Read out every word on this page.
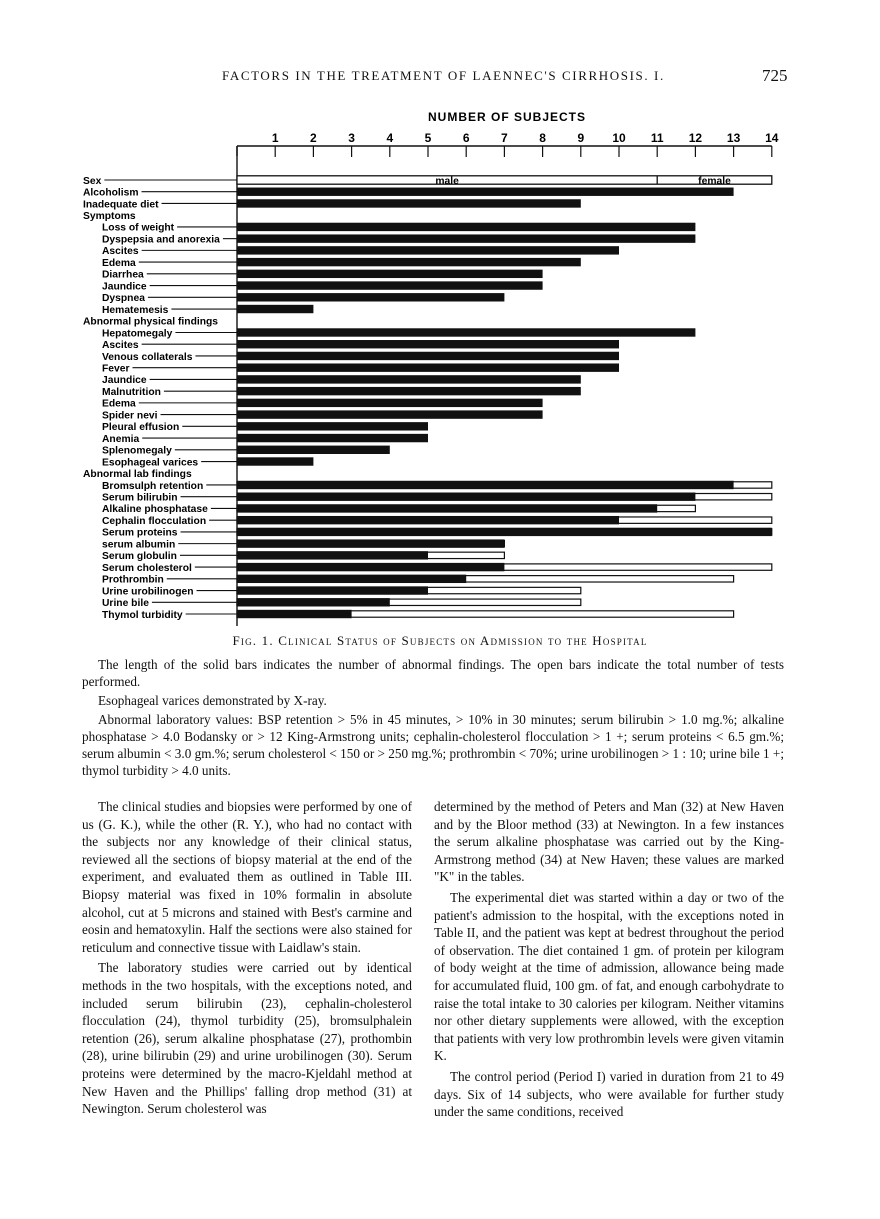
FACTORS IN THE TREATMENT OF LAENNEC'S CIRRHOSIS. I.	725
NUMBER OF SUBJECTS
1	2	3	4	5	6	7	8	9 10 11 12 13 14
Sex	male	female
Alcoholism
Inadequate diet
Symptoms
Loss of weight
Dyspepsia and anorexia
Ascites
Edema
Diarrhea
Jaundice
Dyspnea
Hematemesis
Abnormal physical findings
Hepatomegaly
Ascites
Venous collaterals
Fever
Jaundice
Malnutrition
Edema
Spider nevi
Pleural effusion
Anemia
Splenomegaly
Esophageal varices
Abnormal lab findings
Bromsulph retention
Serum bilirubin
Alkaline phosphatase
Cephalin flocculation
Serum proteins
serum albumin
Serum globulin
Serum cholesterol
Prothrombin
Urine urobilinogen
Urine bile
Thymol turbidity
Fig. 1. Clinical Status of Subjects on Admission to the Hospital

The length of the solid bars indicates the number of abnormal findings. The open bars indicate the total number of tests performed.

Esophageal varices demonstrated by X-ray.

Abnormal laboratory values: BSP retention > 5% in 45 minutes, > 10% in 30 minutes; serum bilirubin > 1.0 mg.%; alkaline phosphatase > 4.0 Bodansky or > 12 King-Armstrong units; cephalin-cholesterol flocculation > 1 +; serum proteins < 6.5 gm.%; serum albumin < 3.0 gm.%; serum cholesterol < 150 or > 250 mg.%; prothrombin < 70%; urine urobilinogen > 1 : 10; urine bile 1 +; thymol turbidity > 4.0 units.

The clinical studies and biopsies were performed by one of us (G. K.), while the other (R. Y.), who had no contact with the subjects nor any knowledge of their clinical status, reviewed all the sections of biopsy material at the end of the experiment, and evaluated them as outlined in Table III. Biopsy material was fixed in 10% formalin in absolute alcohol, cut at 5 microns and stained with Best's carmine and eosin and hematoxylin. Half the sections were also stained for reticulum and connective tissue with Laidlaw's stain.

The laboratory studies were carried out by identical methods in the two hospitals, with the exceptions noted, and included serum bilirubin (23), cephalin-cholesterol flocculation (24), thymol turbidity (25), bromsulphalein retention (26), serum alkaline phosphatase (27), prothombin (28), urine bilirubin (29) and urine urobilinogen (30). Serum proteins were determined by the macro-Kjeldahl method at New Haven and the Phillips' falling drop method (31) at Newington. Serum cholesterol was

determined by the method of Peters and Man (32) at New Haven and by the Bloor method (33) at Newington. In a few instances the serum alkaline phosphatase was carried out by the King-Armstrong method (34) at New Haven; these values are marked "K" in the tables.

The experimental diet was started within a day or two of the patient's admission to the hospital, with the exceptions noted in Table II, and the patient was kept at bedrest throughout the period of observation. The diet contained 1 gm. of protein per kilogram of body weight at the time of admission, allowance being made for accumulated fluid, 100 gm. of fat, and enough carbohydrate to raise the total intake to 30 calories per kilogram. Neither vitamins nor other dietary supplements were allowed, with the exception that patients with very low prothrombin levels were given vitamin K.

The control period (Period I) varied in duration from 21 to 49 days. Six of 14 subjects, who were available for further study under the same conditions, received
